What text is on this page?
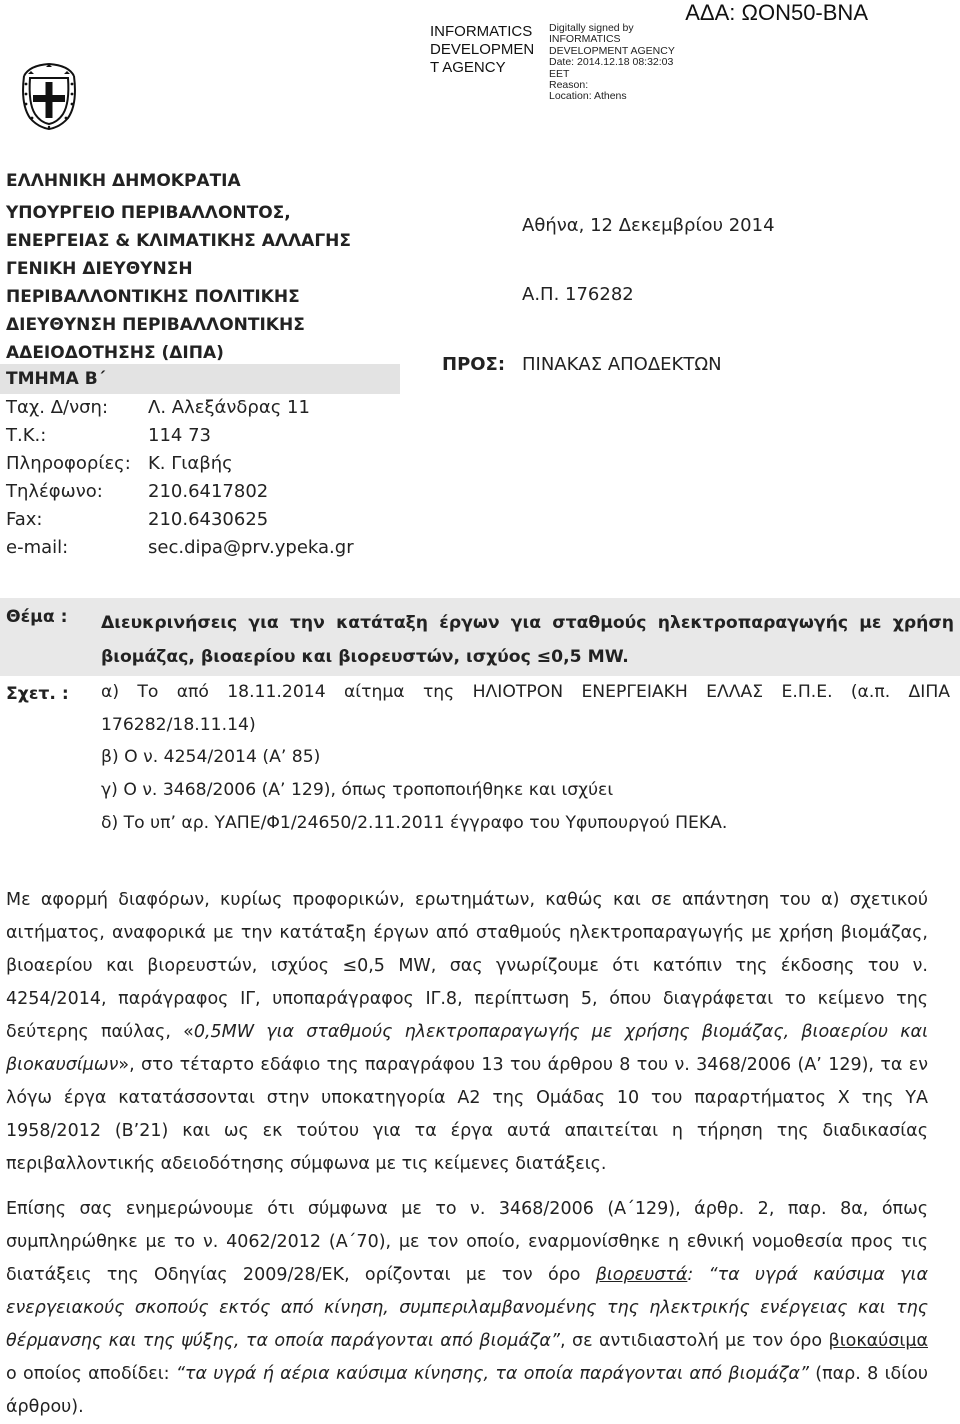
ΑΔΑ: ΩΟΝ50-ΒΝΑ
INFORMATICS
DEVELOPMEN
T AGENCY
Digitally signed by
INFORMATICS
DEVELOPMENT AGENCY
Date: 2014.12.18 08:32:03
EET
Reason:
Location: Athens
ΕΛΛΗΝΙΚΗ ΔΗΜΟΚΡΑΤΙΑ
ΥΠΟΥΡΓΕΙΟ ΠΕΡΙΒΑΛΛΟΝΤΟΣ,
ΕΝΕΡΓΕΙΑΣ & ΚΛΙΜΑΤΙΚΗΣ ΑΛΛΑΓΗΣ
ΓΕΝΙΚΗ ΔΙΕΥΘΥΝΣΗ
ΠΕΡΙΒΑΛΛΟΝΤΙΚΗΣ ΠΟΛΙΤΙΚΗΣ
ΔΙΕΥΘΥΝΣΗ ΠΕΡΙΒΑΛΛΟΝΤΙΚΗΣ
ΑΔΕΙΟΔΟΤΗΣΗΣ (ΔΙΠΑ)
ΤΜΗΜΑ Β΄
Ταχ. Δ/νση: Λ. Αλεξάνδρας 11
Τ.Κ.:	114 73
Πληροφορίες: Κ. Γιαβής
Τηλέφωνο:	210.6417802
Fax:	210.6430625
e-mail:	sec.dipa@prv.ypeka.gr
Αθήνα, 12 Δεκεμβρίου 2014
Α.Π. 176282
ΠΡΟΣ: ΠΙΝΑΚΑΣ ΑΠΟΔΕΚΤΩΝ
Θέμα : Διευκρινήσεις για την κατάταξη έργων για σταθμούς ηλεκτροπαραγωγής με χρήση βιομάζας, βιοαερίου και βιορευστών, ισχύος ≤0,5 MW.
Σχετ. : α) Το από 18.11.2014 αίτημα της ΗΛΙΟΤΡΟΝ ΕΝΕΡΓΕΙΑΚΗ ΕΛΛΑΣ Ε.Π.Ε. (α.π. ΔΙΠΑ 176282/18.11.14)
β) Ο ν. 4254/2014 (Α’ 85)
γ) Ο ν. 3468/2006 (Α’ 129), όπως τροποποιήθηκε και ισχύει
δ) Το υπ’ αρ. ΥΑΠΕ/Φ1/24650/2.11.2011 έγγραφο του Υφυπουργού ΠΕΚΑ.
Με αφορμή διαφόρων, κυρίως προφορικών, ερωτημάτων, καθώς και σε απάντηση του α) σχετικού αιτήματος, αναφορικά με την κατάταξη έργων από σταθμούς ηλεκτροπαραγωγής με χρήση βιομάζας, βιοαερίου και βιορευστών, ισχύος ≤0,5 MW, σας γνωρίζουμε ότι κατόπιν της έκδοσης του ν. 4254/2014, παράγραφος ΙΓ, υποπαράγραφος ΙΓ.8, περίπτωση 5, όπου διαγράφεται το κείμενο της δεύτερης παύλας, «0,5MW για σταθμούς ηλεκτροπαραγωγής με χρήσης βιομάζας, βιοαερίου και βιοκαυσίμων», στο τέταρτο εδάφιο της παραγράφου 13 του άρθρου 8 του ν. 3468/2006 (Α’ 129), τα εν λόγω έργα κατατάσσονται στην υποκατηγορία Α2 της Ομάδας 10 του παραρτήματος Χ της ΥΑ 1958/2012 (Β’21) και ως εκ τούτου για τα έργα αυτά απαιτείται η τήρηση της διαδικασίας περιβαλλοντικής αδειοδότησης σύμφωνα με τις κείμενες διατάξεις.
Επίσης σας ενημερώνουμε ότι σύμφωνα με το ν. 3468/2006 (Α΄129), άρθρ. 2, παρ. 8α, όπως συμπληρώθηκε με το ν. 4062/2012 (Α΄70), με τον οποίο, εναρμονίσθηκε η εθνική νομοθεσία προς τις διατάξεις της Οδηγίας 2009/28/ΕΚ, ορίζονται με τον όρο βιορευστά: “τα υγρά καύσιμα για ενεργειακούς σκοπούς εκτός από κίνηση, συμπεριλαμβανομένης της ηλεκτρικής ενέργειας και της θέρμανσης και της ψύξης, τα οποία παράγονται από βιομάζα”, σε αντιδιαστολή με τον όρο βιοκαύσιμα ο οποίος αποδίδει: “τα υγρά ή αέρια καύσιμα κίνησης, τα οποία παράγονται από βιομάζα” (παρ. 8 ιδίου άρθρου).
